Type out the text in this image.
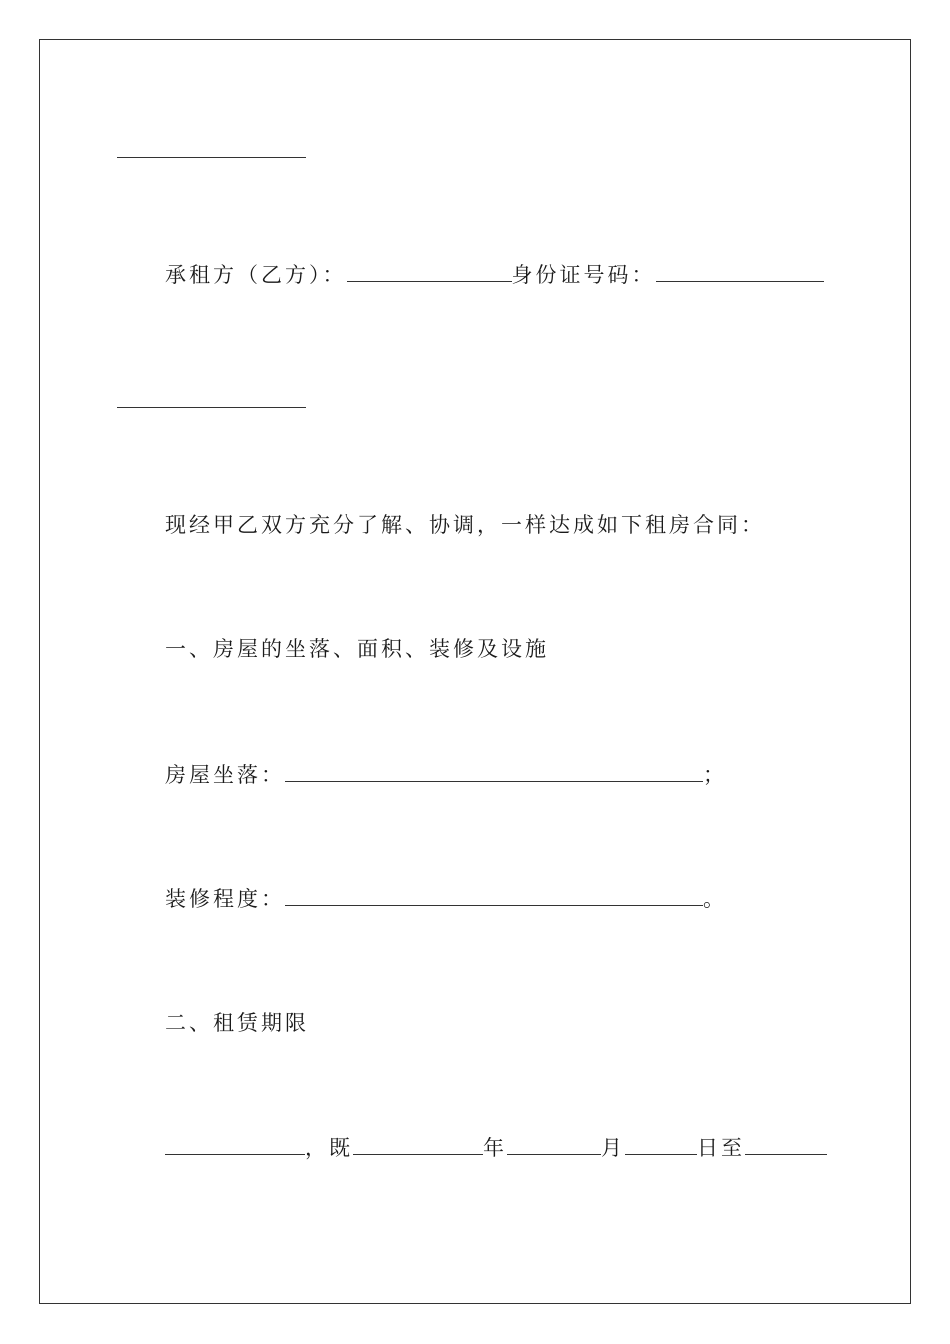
承租方（乙方）：	身份证号码：
现经甲乙双方充分了解、协调，一样达成如下租房合同：
一、房屋的坐落、面积、装修及设施
房屋坐落：	；
装修程度：	。
二、租赁期限
，既	年	月	日至
